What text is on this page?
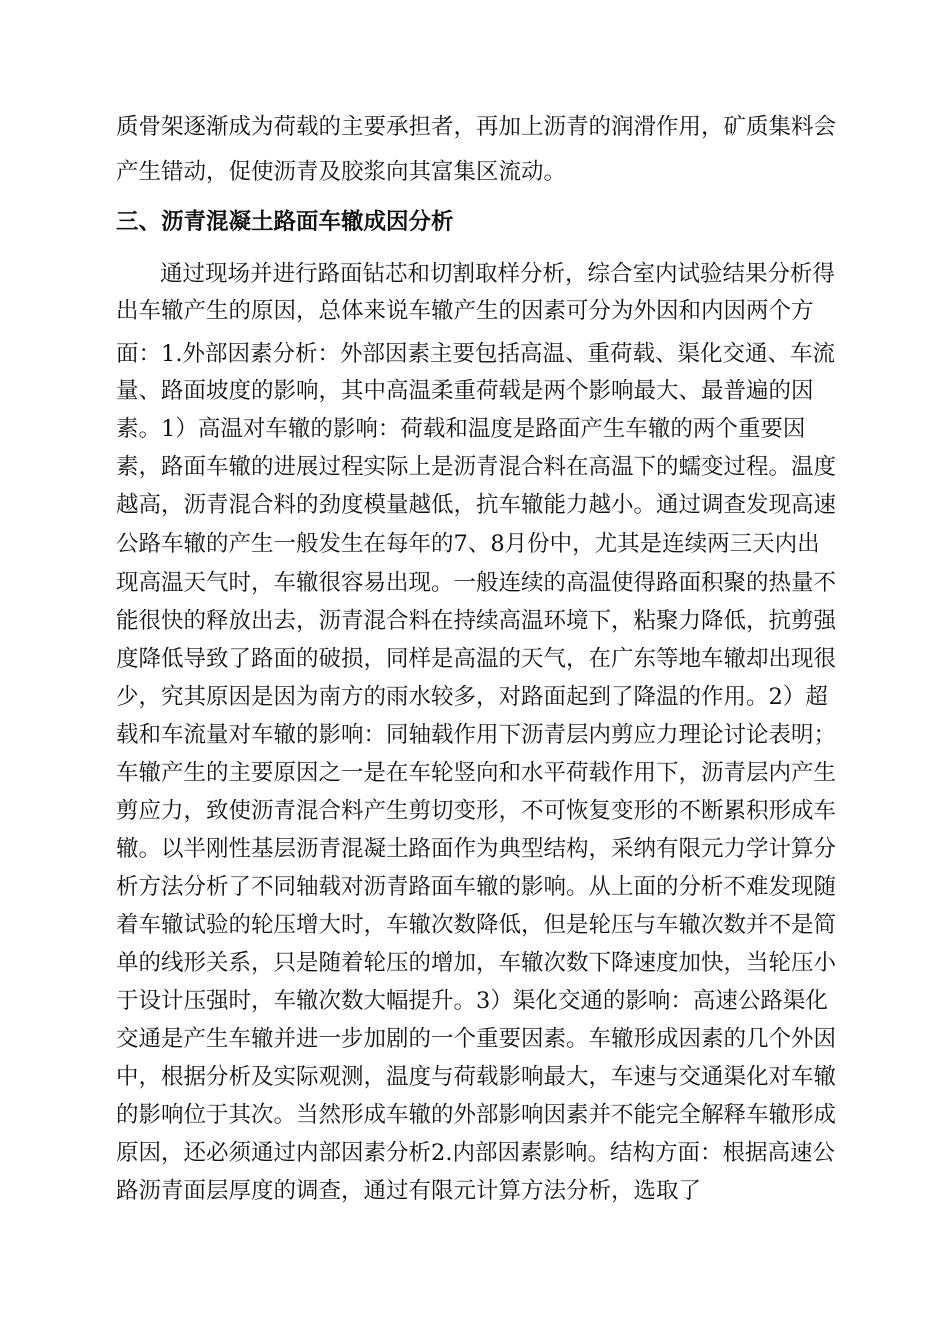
质骨架逐渐成为荷载的主要承担者，再加上沥青的润滑作用，矿质集料会
产生错动，促使沥青及胶浆向其富集区流动。
三、沥青混凝土路面车辙成因分析
通过现场并进行路面钻芯和切割取样分析，综合室内试验结果分析得
出车辙产生的原因，总体来说车辙产生的因素可分为外因和内因两个方
面：1.外部因素分析：外部因素主要包括高温、重荷载、渠化交通、车流
量、路面坡度的影响，其中高温柔重荷载是两个影响最大、最普遍的因
素。1）高温对车辙的影响：荷载和温度是路面产生车辙的两个重要因
素，路面车辙的进展过程实际上是沥青混合料在高温下的蠕变过程。温度
越高，沥青混合料的劲度模量越低，抗车辙能力越小。通过调查发现高速
公路车辙的产生一般发生在每年的7、8月份中，尤其是连续两三天内出
现高温天气时，车辙很容易出现。一般连续的高温使得路面积聚的热量不
能很快的释放出去，沥青混合料在持续高温环境下，粘聚力降低，抗剪强
度降低导致了路面的破损，同样是高温的天气，在广东等地车辙却出现很
少，究其原因是因为南方的雨水较多，对路面起到了降温的作用。2）超
载和车流量对车辙的影响：同轴载作用下沥青层内剪应力理论讨论表明；
车辙产生的主要原因之一是在车轮竖向和水平荷载作用下，沥青层内产生
剪应力，致使沥青混合料产生剪切变形，不可恢复变形的不断累积形成车
辙。以半刚性基层沥青混凝土路面作为典型结构，采纳有限元力学计算分
析方法分析了不同轴载对沥青路面车辙的影响。从上面的分析不难发现随
着车辙试验的轮压增大时，车辙次数降低，但是轮压与车辙次数并不是简
单的线形关系，只是随着轮压的增加，车辙次数下降速度加快，当轮压小
于设计压强时，车辙次数大幅提升。3）渠化交通的影响：高速公路渠化
交通是产生车辙并进一步加剧的一个重要因素。车辙形成因素的几个外因
中，根据分析及实际观测，温度与荷载影响最大，车速与交通渠化对车辙
的影响位于其次。当然形成车辙的外部影响因素并不能完全解释车辙形成
原因，还必须通过内部因素分析2.内部因素影响。结构方面：根据高速公
路沥青面层厚度的调查，通过有限元计算方法分析，选取了
